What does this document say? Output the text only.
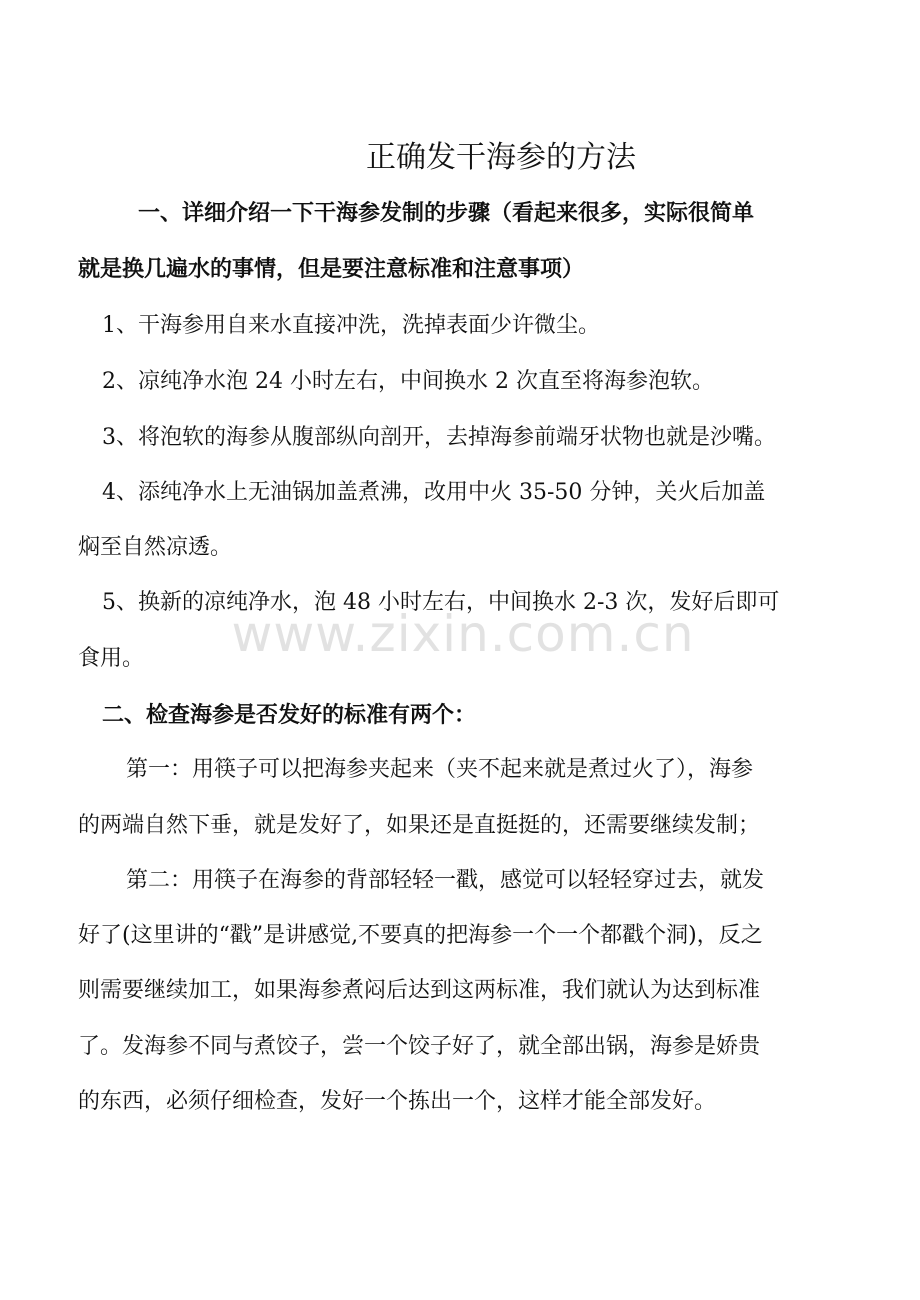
正确发干海参的方法

一、详细介绍一下干海参发制的步骤（看起来很多，实际很简单

就是换几遍水的事情，但是要注意标准和注意事项）

1、干海参用自来水直接冲洗，洗掉表面少许微尘。

2、凉纯净水泡 24 小时左右，中间换水 2 次直至将海参泡软。

3、将泡软的海参从腹部纵向剖开，去掉海参前端牙状物也就是沙嘴。

4、添纯净水上无油锅加盖煮沸，改用中火 35-50 分钟，关火后加盖

焖至自然凉透。

5、换新的凉纯净水，泡 48 小时左右，中间换水 2-3 次，发好后即可

食用。

二、检查海参是否发好的标准有两个：

第一：用筷子可以把海参夹起来（夹不起来就是煮过火了），海参

的两端自然下垂，就是发好了，如果还是直挺挺的，还需要继续发制；

第二：用筷子在海参的背部轻轻一戳，感觉可以轻轻穿过去，就发

好了(这里讲的“戳”是讲感觉,不要真的把海参一个一个都戳个洞)，反之

则需要继续加工，如果海参煮闷后达到这两标准，我们就认为达到标准

了。发海参不同与煮饺子，尝一个饺子好了，就全部出锅，海参是娇贵

的东西，必须仔细检查，发好一个拣出一个，这样才能全部发好。

www.zixin.com.cn
